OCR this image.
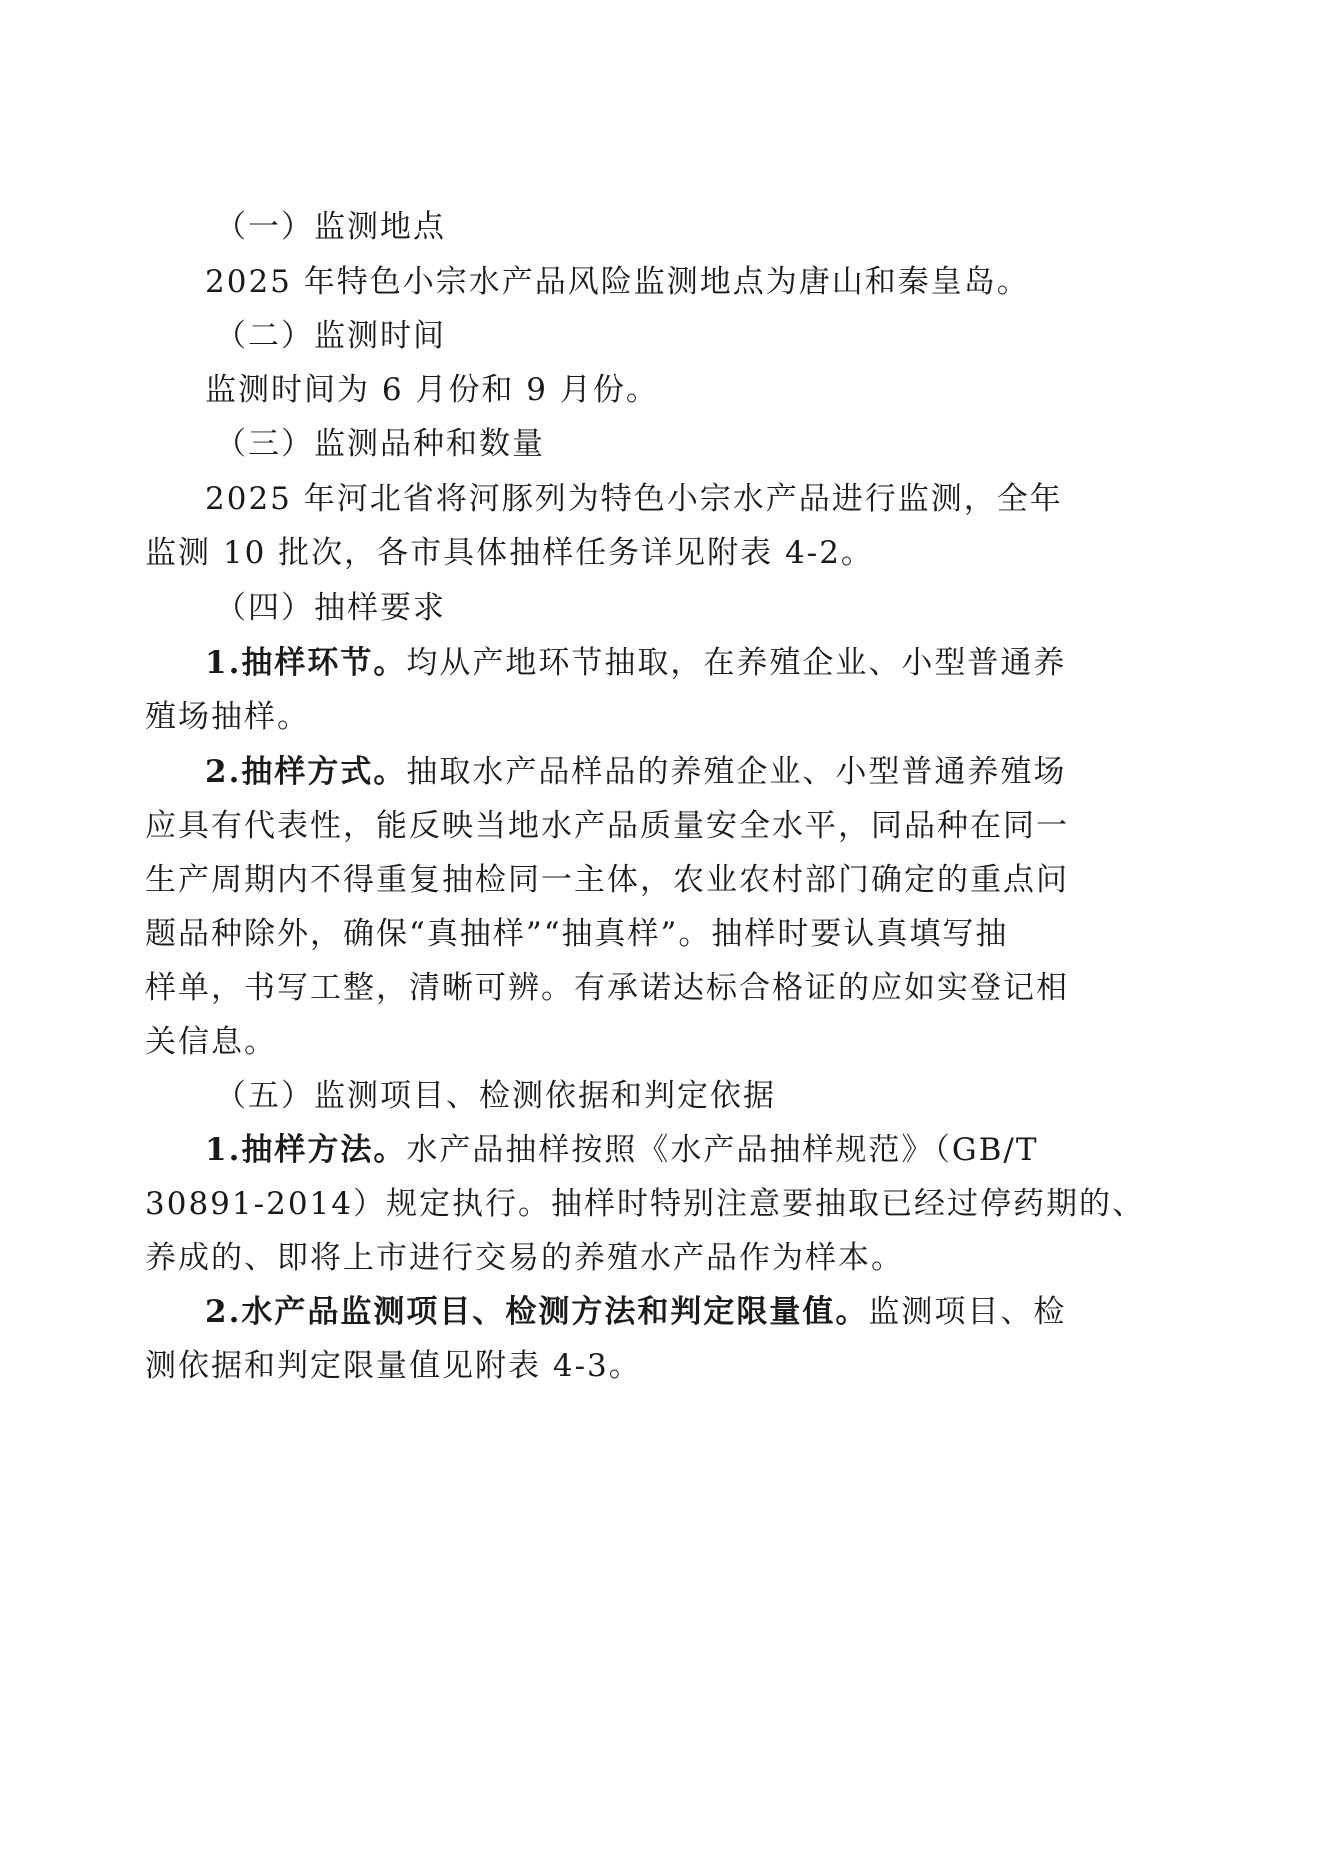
（一）监测地点

2025 年特色小宗水产品风险监测地点为唐山和秦皇岛。

（二）监测时间

监测时间为 6 月份和 9 月份。

（三）监测品种和数量

2025 年河北省将河豚列为特色小宗水产品进行监测，全年

监测 10 批次，各市具体抽样任务详见附表 4-2。

（四）抽样要求

1.抽样环节。均从产地环节抽取，在养殖企业、小型普通养

殖场抽样。

2.抽样方式。抽取水产品样品的养殖企业、小型普通养殖场

应具有代表性，能反映当地水产品质量安全水平，同品种在同一

生产周期内不得重复抽检同一主体，农业农村部门确定的重点问

题品种除外，确保“真抽样”“抽真样”。抽样时要认真填写抽

样单，书写工整，清晰可辨。有承诺达标合格证的应如实登记相

关信息。

（五）监测项目、检测依据和判定依据

1.抽样方法。水产品抽样按照《水产品抽样规范》（GB/T

30891-2014）规定执行。抽样时特别注意要抽取已经过停药期的、

养成的、即将上市进行交易的养殖水产品作为样本。

2.水产品监测项目、检测方法和判定限量值。监测项目、检

测依据和判定限量值见附表 4-3。
